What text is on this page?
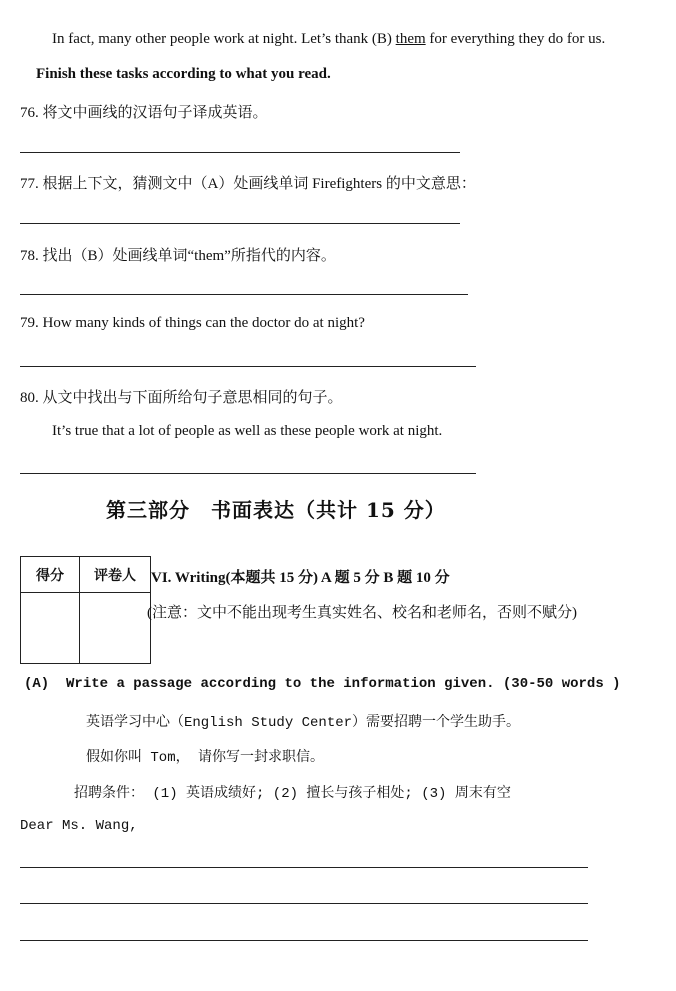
In fact, many other people work at night. Let’s thank (B) them for everything they do for us.
Finish these tasks according to what you read.
76. 将文中画线的汉语句子译成英语。
77. 根据上下文，猜测文中（A）处画线单词 Firefighters 的中文意思：
78. 找出（B）处画线单词“them”所指代的内容。
79. How many kinds of things can the doctor do at night?
80. 从文中找出与下面所给句子意思相同的句子。
It’s true that a lot of people as well as these people work at night.
第三部分　书面表达（共计 15 分）
得分	评卷人
	VI. Writing(本题共 15 分) A 题 5 分 B 题 10 分
(注意：文中不能出现考生真实姓名、校名和老师名，否则不赋分)
(A) Write a passage according to the information given. (30-50 words )
英语学习中心（English Study Center）需要招聘一个学生助手。
假如你叫 Tom， 请你写一封求职信。
招聘条件： (1) 英语成绩好; (2) 擅长与孩子相处; (3) 周末有空
Dear Ms. Wang,
